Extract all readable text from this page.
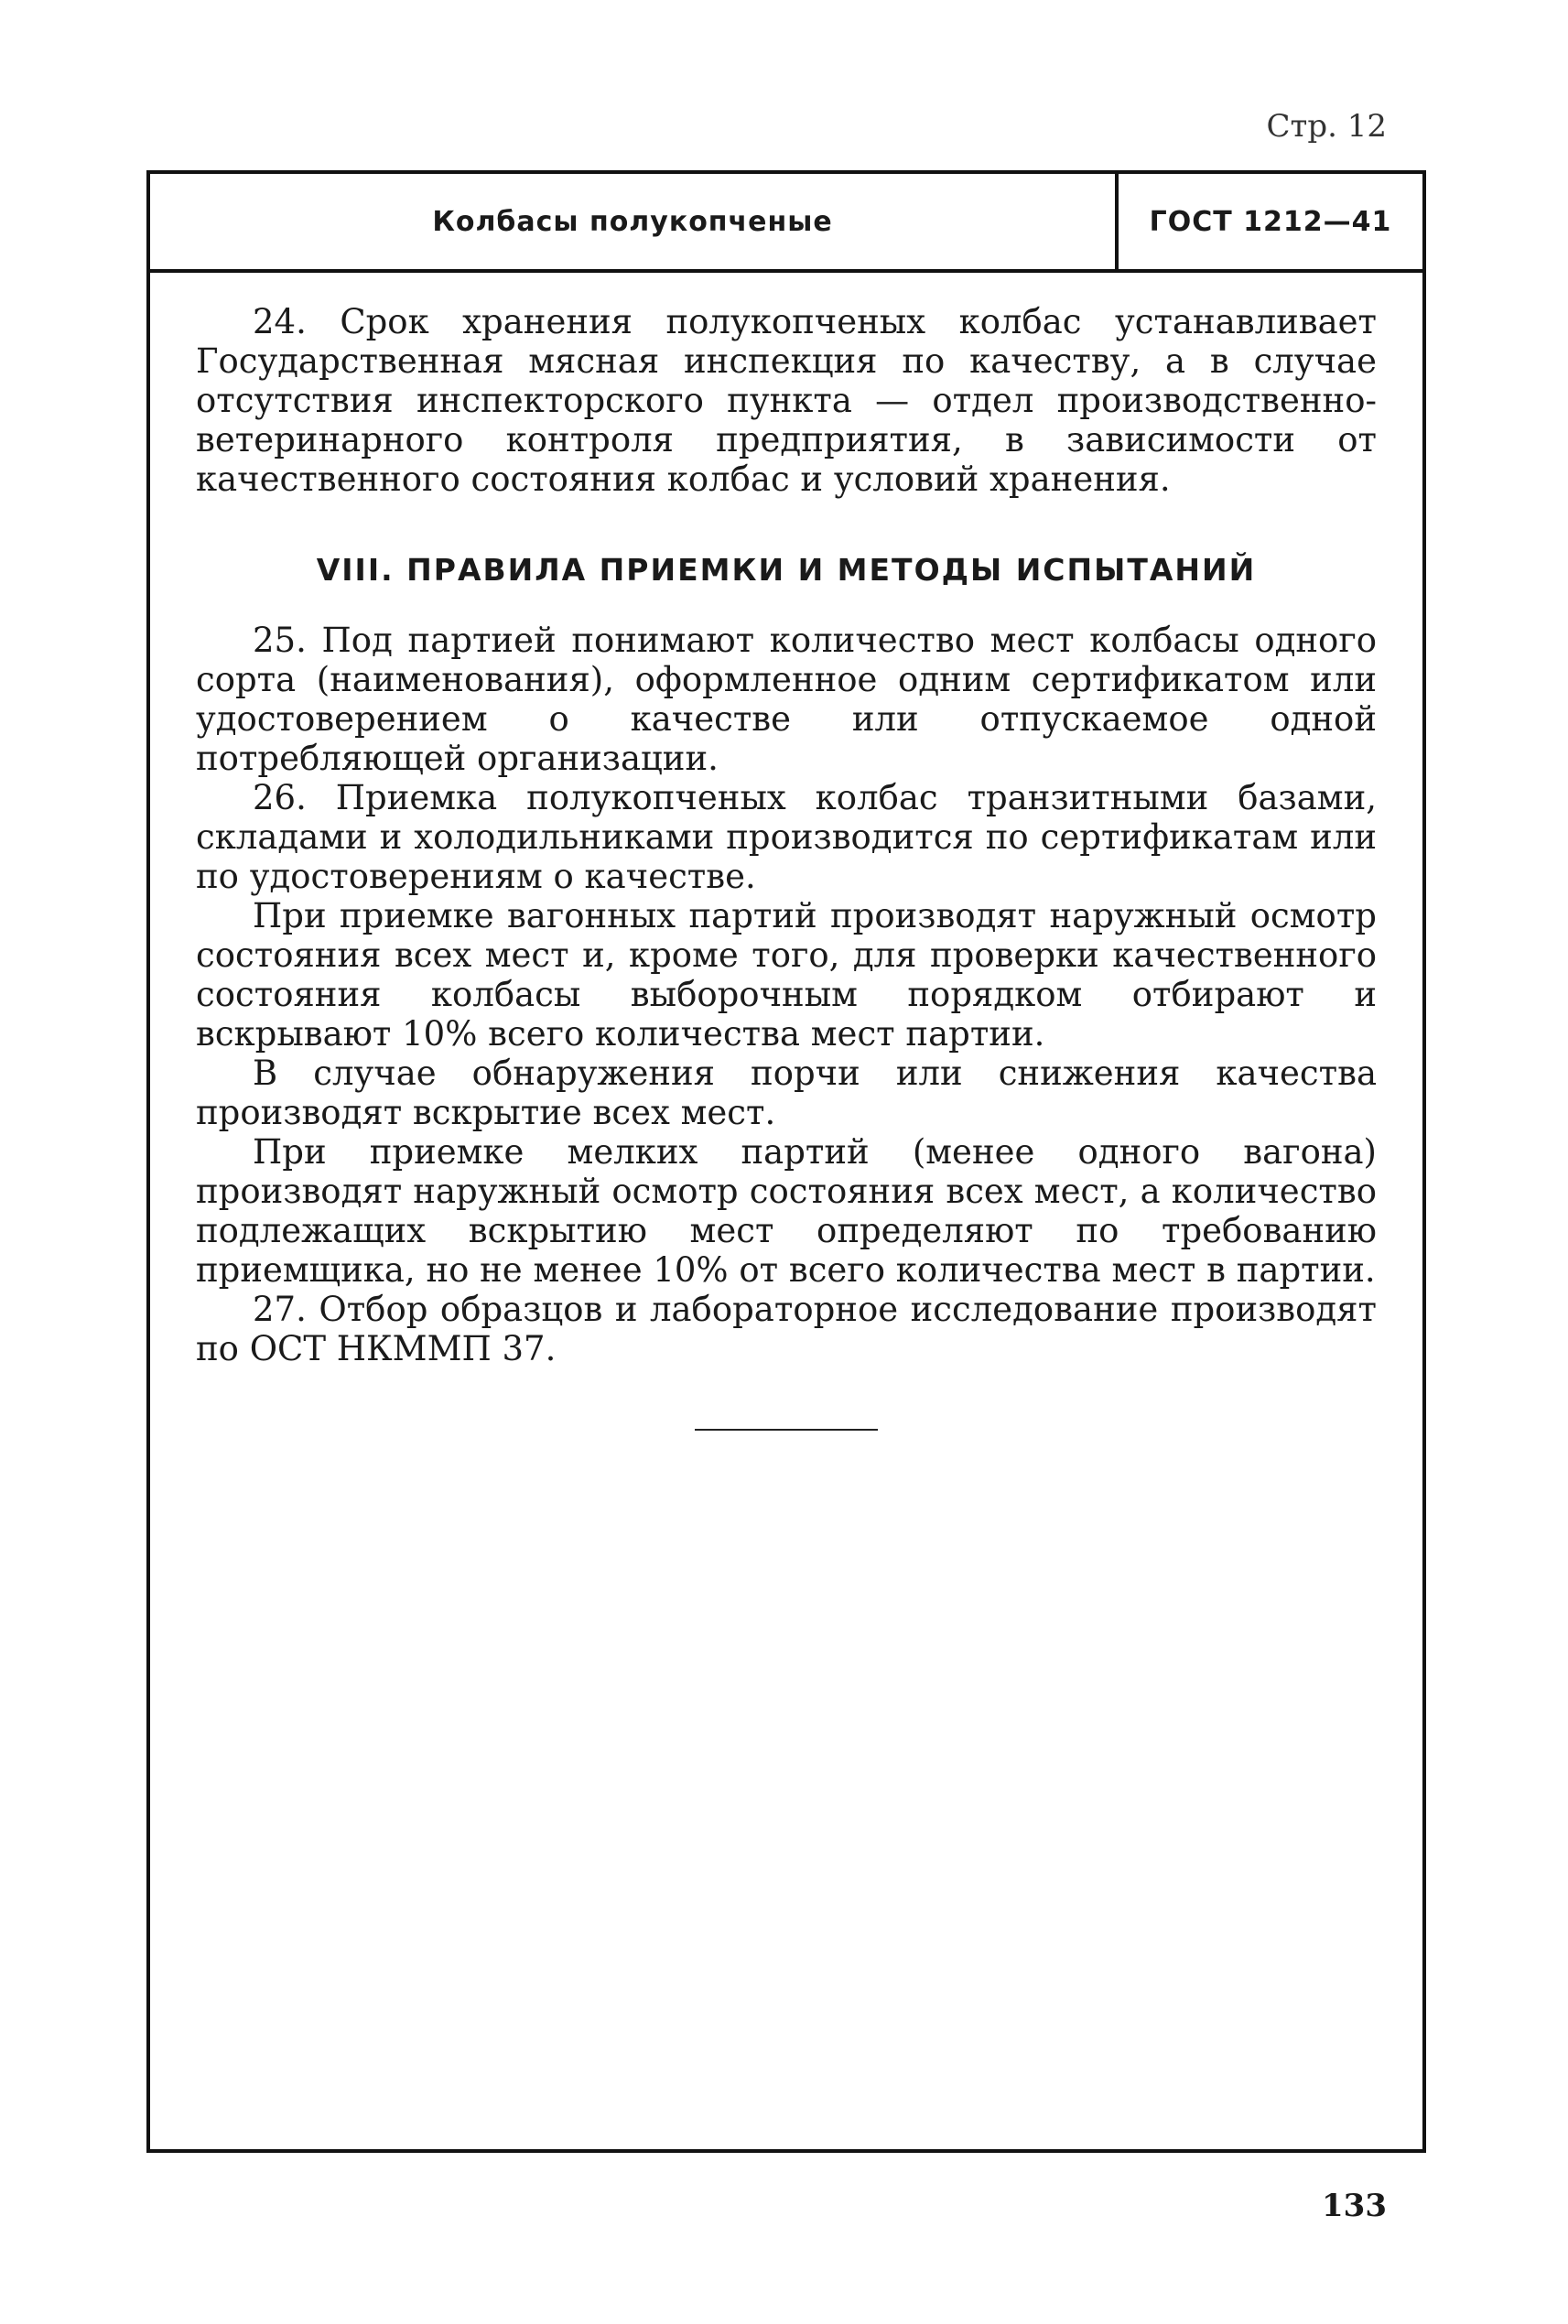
Стр. 12
Колбасы полукопченые	ГОСТ 1212—41

24. Срок хранения полукопченых колбас устанавливает Государственная мясная инспекция по качеству, а в случае отсутствия инспекторского пункта — отдел производственно-ветеринарного контроля предприятия, в зависимости от качественного состояния колбас и условий хранения.

VIII. ПРАВИЛА ПРИЕМКИ И МЕТОДЫ ИСПЫТАНИЙ

25. Под партией понимают количество мест колбасы одного сорта (наименования), оформленное одним сертификатом или удостоверением о качестве или отпускаемое одной потребляющей организации.

26. Приемка полукопченых колбас транзитными базами, складами и холодильниками производится по сертификатам или по удостоверениям о качестве.

При приемке вагонных партий производят наружный осмотр состояния всех мест и, кроме того, для проверки качественного состояния колбасы выборочным порядком отбирают и вскрывают 10% всего количества мест партии.

В случае обнаружения порчи или снижения качества производят вскрытие всех мест.

При приемке мелких партий (менее одного вагона) производят наружный осмотр состояния всех мест, а количество подлежащих вскрытию мест определяют по требованию приемщика, но не менее 10% от всего количества мест в партии.

27. Отбор образцов и лабораторное исследование производят по ОСТ НКММП 37.

133
